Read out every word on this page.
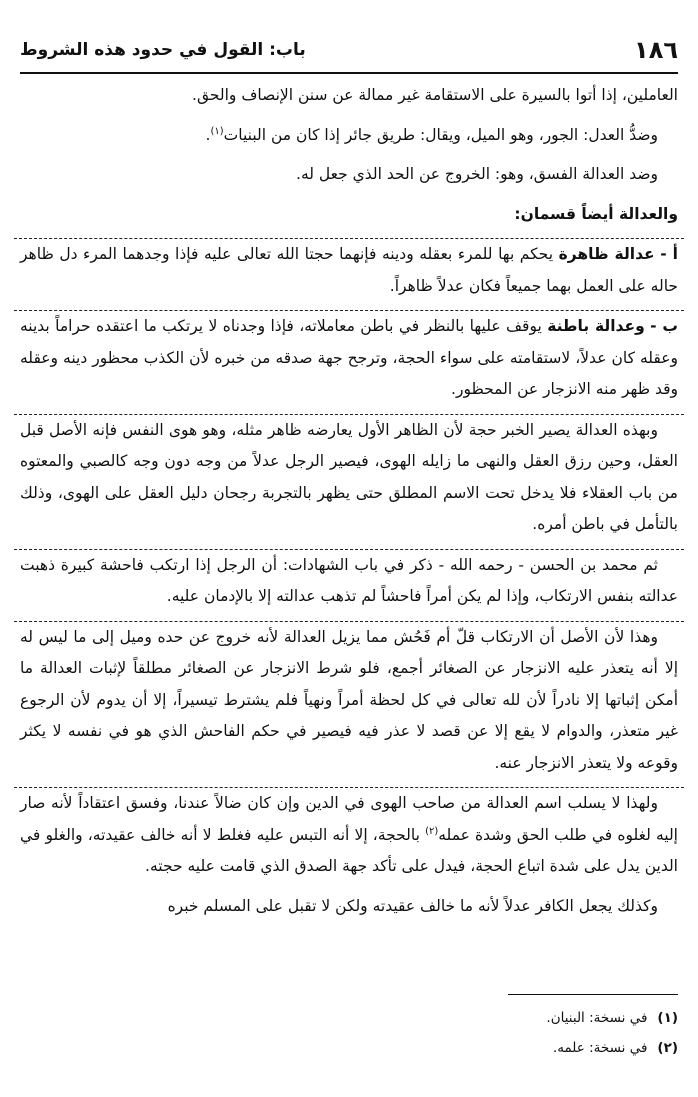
١٨٦
باب: القول في حدود هذه الشروط

العاملين، إذا أتوا بالسيرة على الاستقامة غير ممالة عن سنن الإنصاف والحق.

وضدُّ العدل: الجور، وهو الميل، ويقال: طريق جائر إذا كان من البنيات$^{(١)}$.

وضد العدالة الفسق، وهو: الخروج عن الحد الذي جعل له.

والعدالة أيضاً قسمان:

أ - عدالة ظاهرة يحكم بها للمرء بعقله ودينه فإنهما حجتا الله تعالى عليه فإذا وجدهما المرء دل ظاهر حاله على العمل بهما جميعاً فكان عدلاً ظاهراً.

ب - وعدالة باطنة يوقف عليها بالنظر في باطن معاملاته، فإذا وجدناه لا يرتكب ما اعتقده حراماً بدينه وعقله كان عدلاً، لاستقامته على سواء الحجة، وترجح جهة صدقه من خبره لأن الكذب محظور دينه وعقله وقد ظهر منه الانزجار عن المحظور.

وبهذه العدالة يصير الخبر حجة لأن الظاهر الأول يعارضه ظاهر مثله، وهو هوى النفس فإنه الأصل قبل العقل، وحين رزق العقل والنهى ما زايله الهوى، فيصير الرجل عدلاً من وجه دون وجه كالصبي والمعتوه من باب العقلاء فلا يدخل تحت الاسم المطلق حتى يظهر بالتجربة رجحان دليل العقل على الهوى، وذلك بالتأمل في باطن أمره.

ثم محمد بن الحسن - رحمه الله - ذكر في باب الشهادات: أن الرجل إذا ارتكب فاحشة كبيرة ذهبت عدالته بنفس الارتكاب، وإذا لم يكن أمراً فاحشاً لم تذهب عدالته إلا بالإدمان عليه.

وهذا لأن الأصل أن الارتكاب قلّ أم فَحُش مما يزيل العدالة لأنه خروج عن حده وميل إلى ما ليس له إلا أنه يتعذر عليه الانزجار عن الصغائر أجمع، فلو شرط الانزجار عن الصغائر مطلقاً لإثبات العدالة ما أمكن إثباتها إلا نادراً لأن لله تعالى في كل لحظة أمراً ونهياً فلم يشترط تيسيراً، إلا أن يدوم لأن الرجوع غير متعذر، والدوام لا يقع إلا عن قصد لا عذر فيه فيصير في حكم الفاحش الذي هو في نفسه لا يكثر وقوعه ولا يتعذر الانزجار عنه.

ولهذا لا يسلب اسم العدالة من صاحب الهوى في الدين وإن كان ضالاً عندنا، وفسق اعتقاداً لأنه صار إليه لغلوه في طلب الحق وشدة عمله$^{(٢)}$ بالحجة، إلا أنه التبس عليه فغلط لا أنه خالف عقيدته، والغلو في الدين يدل على شدة اتباع الحجة، فيدل على تأكد جهة الصدق الذي قامت عليه حجته.

وكذلك يجعل الكافر عدلاً لأنه ما خالف عقيدته ولكن لا تقبل على المسلم خبره

(١)في نسخة: البنيان.
(٢)في نسخة: علمه.
